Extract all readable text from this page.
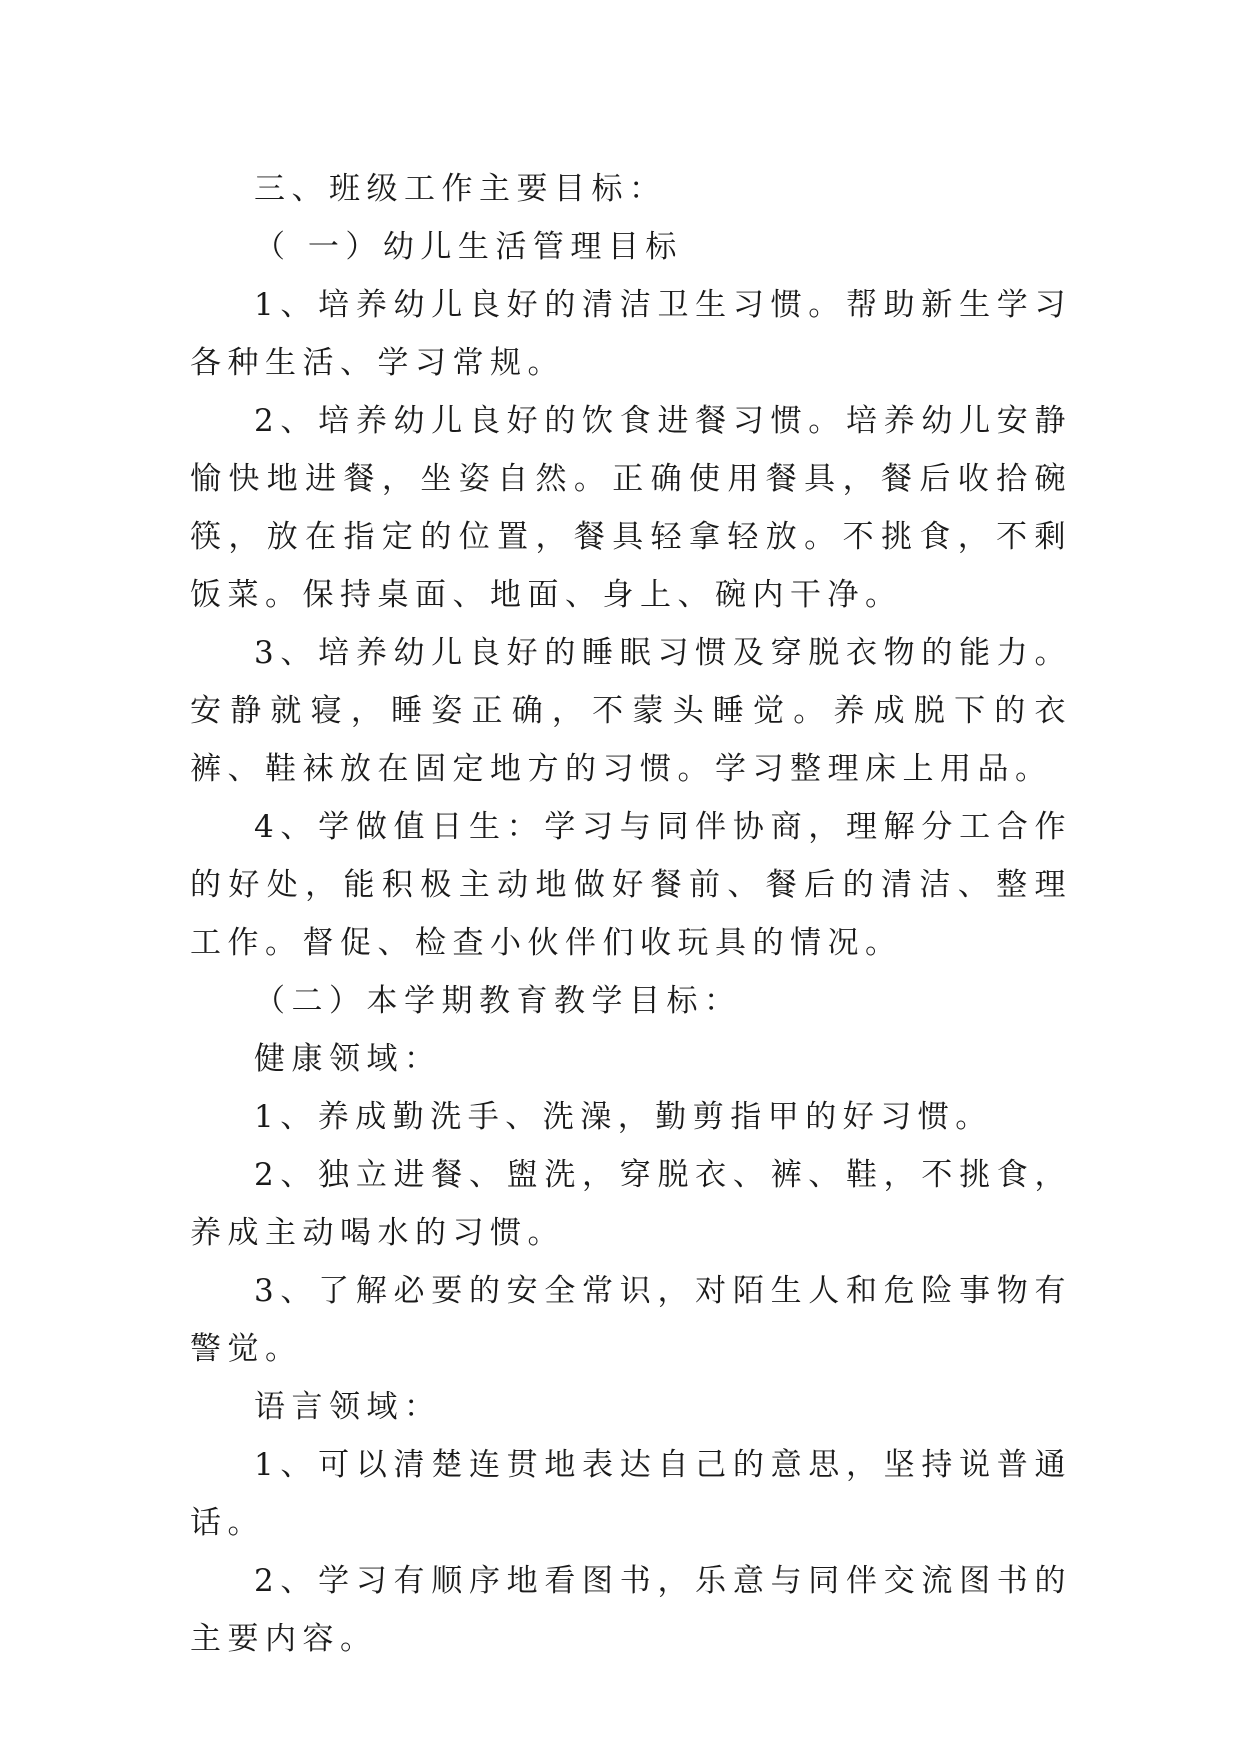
三、班级工作主要目标：

（ 一）幼儿生活管理目标

1、培养幼儿良好的清洁卫生习惯。帮助新生学习各种生活、学习常规。

2、培养幼儿良好的饮食进餐习惯。培养幼儿安静愉快地进餐，坐姿自然。正确使用餐具，餐后收拾碗筷，放在指定的位置，餐具轻拿轻放。不挑食，不剩饭菜。保持桌面、地面、身上、碗内干净。

3、培养幼儿良好的睡眠习惯及穿脱衣物的能力。安静就寝，睡姿正确，不蒙头睡觉。养成脱下的衣裤、鞋袜放在固定地方的习惯。学习整理床上用品。

4、学做值日生：学习与同伴协商，理解分工合作的好处，能积极主动地做好餐前、餐后的清洁、整理工作。督促、检查小伙伴们收玩具的情况。

（二）本学期教育教学目标：

健康领域：

1、养成勤洗手、洗澡，勤剪指甲的好习惯。

2、独立进餐、盥洗，穿脱衣、裤、鞋，不挑食，养成主动喝水的习惯。

3、了解必要的安全常识，对陌生人和危险事物有警觉。

语言领域：

1、可以清楚连贯地表达自己的意思，坚持说普通话。

2、学习有顺序地看图书，乐意与同伴交流图书的主要内容。
